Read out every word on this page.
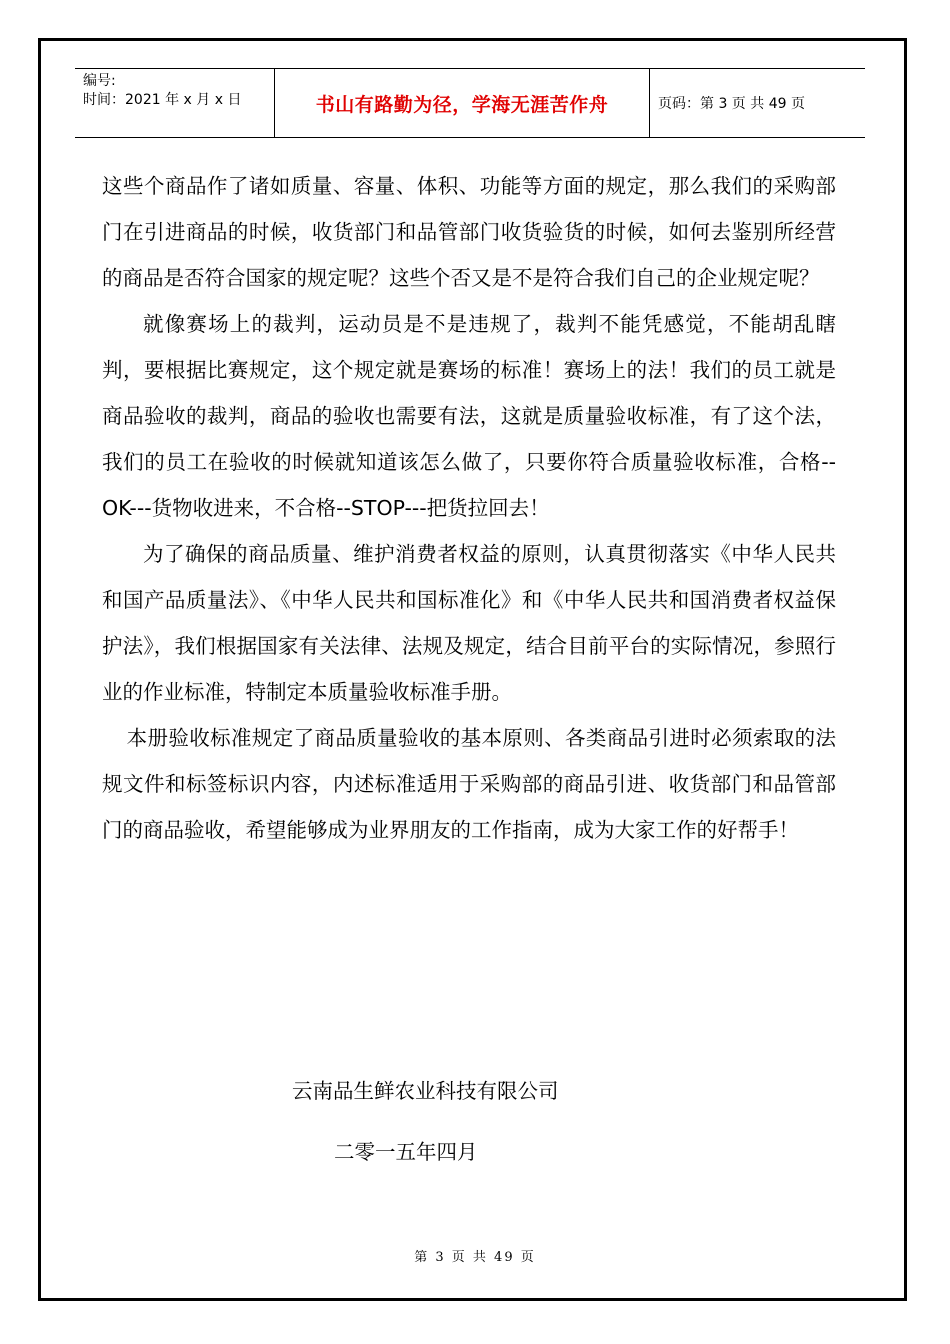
编号:
时间：2021 年 x 月 x 日	书山有路勤为径，学海无涯苦作舟	页码：第 3 页 共 49 页

这些个商品作了诸如质量、容量、体积、功能等方面的规定，那么我们的采购部门在引进商品的时候，收货部门和品管部门收货验货的时候，如何去鉴别所经营的商品是否符合国家的规定呢？这些个否又是不是符合我们自己的企业规定呢？

就像赛场上的裁判，运动员是不是违规了，裁判不能凭感觉，不能胡乱瞎判，要根据比赛规定，这个规定就是赛场的标准！赛场上的法！我们的员工就是商品验收的裁判，商品的验收也需要有法，这就是质量验收标准，有了这个法，我们的员工在验收的时候就知道该怎么做了，只要你符合质量验收标准，合格--OK---货物收进来，不合格--STOP---把货拉回去！

为了确保的商品质量、维护消费者权益的原则，认真贯彻落实《中华人民共和国产品质量法》、《中华人民共和国标准化》和《中华人民共和国消费者权益保护法》，我们根据国家有关法律、法规及规定，结合目前平台的实际情况，参照行业的作业标准，特制定本质量验收标准手册。

本册验收标准规定了商品质量验收的基本原则、各类商品引进时必须索取的法规文件和标签标识内容，内述标准适用于采购部的商品引进、收货部门和品管部门的商品验收，希望能够成为业界朋友的工作指南，成为大家工作的好帮手！

云南品生鲜农业科技有限公司
二零一五年四月
第 3 页 共 49 页
